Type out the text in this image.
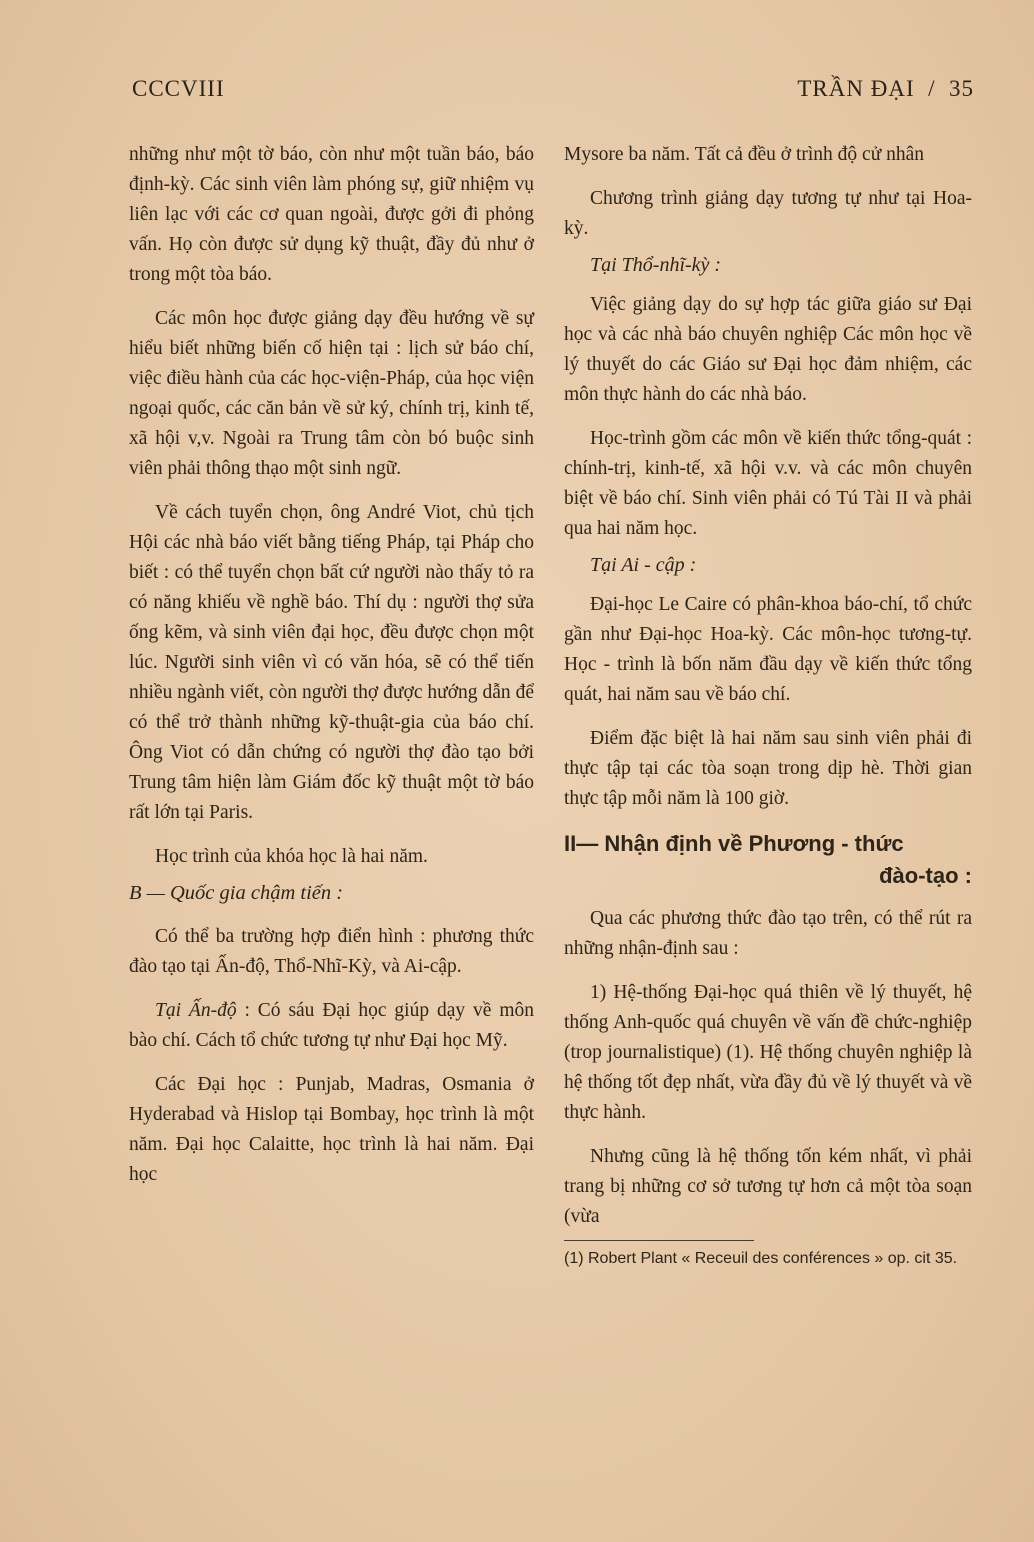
CCCVIII	TRẦN ĐẠI  /  35

những như một tờ báo, còn như một tuần báo, báo định-kỳ. Các sinh viên làm phóng sự, giữ nhiệm vụ liên lạc với các cơ quan ngoài, được gởi đi phỏng vấn. Họ còn được sử dụng kỹ thuật, đầy đủ như ở trong một tòa báo.

Các môn học được giảng dạy đều hướng về sự hiểu biết những biến cố hiện tại : lịch sử báo chí, việc điều hành của các học-viện-Pháp, của học viện ngoại quốc, các căn bản về sử ký, chính trị, kinh tế, xã hội v,v. Ngoài ra Trung tâm còn bó buộc sinh viên phải thông thạo một sinh ngữ.

Về cách tuyển chọn, ông André Viot, chủ tịch Hội các nhà báo viết bằng tiếng Pháp, tại Pháp cho biết : có thể tuyển chọn bất cứ người nào thấy tỏ ra có năng khiếu về nghề báo. Thí dụ : người thợ sửa ống kẽm, và sinh viên đại học, đều được chọn một lúc. Người sinh viên vì có văn hóa, sẽ có thể tiến nhiều ngành viết, còn người thợ được hướng dẫn để có thể trở thành những kỹ-thuật-gia của báo chí. Ông Viot có dẫn chứng có người thợ đào tạo bởi Trung tâm hiện làm Giám đốc kỹ thuật một tờ báo rất lớn tại Paris.

Học trình của khóa học là hai năm.

B — Quốc gia chậm tiến :

Có thể ba trường hợp điển hình : phương thức đào tạo tại Ấn-độ, Thổ-Nhĩ-Kỳ, và Ai-cập.

Tại Ấn-độ : Có sáu Đại học giúp dạy về môn bào chí. Cách tổ chức tương tự như Đại học Mỹ.

Các Đại học : Punjab, Madras, Osmania ở Hyderabad và Hislop tại Bombay, học trình là một năm. Đại học Calaitte, học trình là hai năm. Đại học

Mysore ba năm. Tất cả đều ở trình độ cử nhân

Chương trình giảng dạy tương tự như tại Hoa-kỳ.

Tại Thổ-nhĩ-kỳ :

Việc giảng dạy do sự hợp tác giữa giáo sư Đại học và các nhà báo chuyên nghiệp Các môn học về lý thuyết do các Giáo sư Đại học đảm nhiệm, các môn thực hành do các nhà báo.

Học-trình gồm các môn về kiến thức tổng-quát : chính-trị, kinh-tế, xã hội v.v. và các môn chuyên biệt về báo chí. Sinh viên phải có Tú Tài II và phải qua hai năm học.

Tại Ai - cập :

Đại-học Le Caire có phân-khoa báo-chí, tổ chức gần như Đại-học Hoa-kỳ. Các môn-học tương-tự. Học - trình là bốn năm đầu dạy về kiến thức tổng quát, hai năm sau về báo chí.

Điểm đặc biệt là hai năm sau sinh viên phải đi thực tập tại các tòa soạn trong dịp hè. Thời gian thực tập mỗi năm là 100 giờ.

II— Nhận định về Phương - thức
đào-tạo :

Qua các phương thức đào tạo trên, có thể rút ra những nhận-định sau :

1) Hệ-thống Đại-học quá thiên về lý thuyết, hệ thống Anh-quốc quá chuyên về vấn đề chức-nghiệp (trop journalistique) (1). Hệ thống chuyên nghiệp là hệ thống tốt đẹp nhất, vừa đầy đủ về lý thuyết và về thực hành.

Nhưng cũng là hệ thống tốn kém nhất, vì phải trang bị những cơ sở tương tự hơn cả một tòa soạn (vừa

(1) Robert Plant « Receuil des conférences » op. cit 35.
